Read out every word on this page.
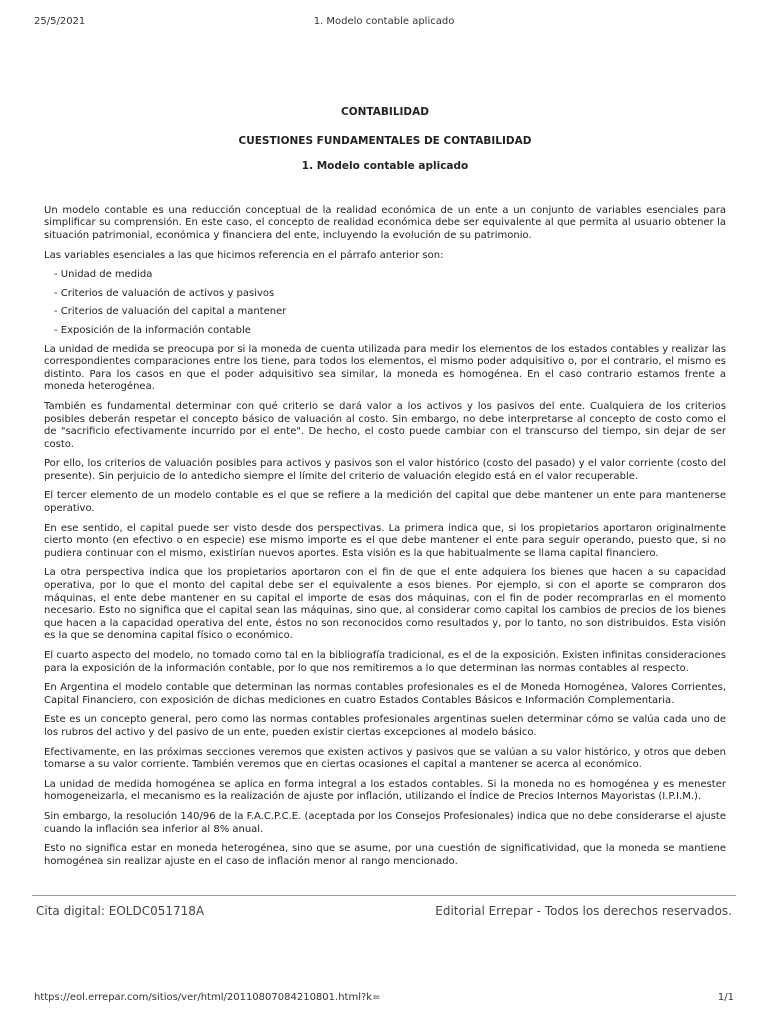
25/5/2021	1. Modelo contable aplicado
CONTABILIDAD
CUESTIONES FUNDAMENTALES DE CONTABILIDAD
1. Modelo contable aplicado

Un modelo contable es una reducción conceptual de la realidad económica de un ente a un conjunto de variables esenciales para simplificar su comprensión. En este caso, el concepto de realidad económica debe ser equivalente al que permita al usuario obtener la situación patrimonial, económica y financiera del ente, incluyendo la evolución de su patrimonio.

Las variables esenciales a las que hicimos referencia en el párrafo anterior son:

- Unidad de medida
- Criterios de valuación de activos y pasivos
- Criterios de valuación del capital a mantener
- Exposición de la información contable

La unidad de medida se preocupa por si la moneda de cuenta utilizada para medir los elementos de los estados contables y realizar las correspondientes comparaciones entre los tiene, para todos los elementos, el mismo poder adquisitivo o, por el contrario, el mismo es distinto. Para los casos en que el poder adquisitivo sea similar, la moneda es homogénea. En el caso contrario estamos frente a moneda heterogénea.

También es fundamental determinar con qué criterio se dará valor a los activos y los pasivos del ente. Cualquiera de los criterios posibles deberán respetar el concepto básico de valuación al costo. Sin embargo, no debe interpretarse al concepto de costo como el de "sacrificio efectivamente incurrido por el ente". De hecho, el costo puede cambiar con el transcurso del tiempo, sin dejar de ser costo.

Por ello, los criterios de valuación posibles para activos y pasivos son el valor histórico (costo del pasado) y el valor corriente (costo del presente). Sin perjuicio de lo antedicho siempre el límite del criterio de valuación elegido está en el valor recuperable.

El tercer elemento de un modelo contable es el que se refiere a la medición del capital que debe mantener un ente para mantenerse operativo.

En ese sentido, el capital puede ser visto desde dos perspectivas. La primera indica que, si los propietarios aportaron originalmente cierto monto (en efectivo o en especie) ese mismo importe es el que debe mantener el ente para seguir operando, puesto que, si no pudiera continuar con el mismo, existirían nuevos aportes. Esta visión es la que habitualmente se llama capital financiero.

La otra perspectiva indica que los propietarios aportaron con el fin de que el ente adquiera los bienes que hacen a su capacidad operativa, por lo que el monto del capital debe ser el equivalente a esos bienes. Por ejemplo, si con el aporte se compraron dos máquinas, el ente debe mantener en su capital el importe de esas dos máquinas, con el fin de poder recomprarlas en el momento necesario. Esto no significa que el capital sean las máquinas, sino que, al considerar como capital los cambios de precios de los bienes que hacen a la capacidad operativa del ente, éstos no son reconocidos como resultados y, por lo tanto, no son distribuidos. Esta visión es la que se denomina capital físico o económico.

El cuarto aspecto del modelo, no tomado como tal en la bibliografía tradicional, es el de la exposición. Existen infinitas consideraciones para la exposición de la información contable, por lo que nos remitiremos a lo que determinan las normas contables al respecto.

En Argentina el modelo contable que determinan las normas contables profesionales es el de Moneda Homogénea, Valores Corrientes, Capital Financiero, con exposición de dichas mediciones en cuatro Estados Contables Básicos e Información Complementaria.

Este es un concepto general, pero como las normas contables profesionales argentinas suelen determinar cómo se valúa cada uno de los rubros del activo y del pasivo de un ente, pueden existir ciertas excepciones al modelo básico.

Efectivamente, en las próximas secciones veremos que existen activos y pasivos que se valúan a su valor histórico, y otros que deben tomarse a su valor corriente. También veremos que en ciertas ocasiones el capital a mantener se acerca al económico.

La unidad de medida homogénea se aplica en forma integral a los estados contables. Si la moneda no es homogénea y es menester homogeneizarla, el mecanismo es la realización de ajuste por inflación, utilizando el Índice de Precios Internos Mayoristas (I.P.I.M.).

Sin embargo, la resolución 140/96 de la F.A.C.P.C.E. (aceptada por los Consejos Profesionales) indica que no debe considerarse el ajuste cuando la inflación sea inferior al 8% anual.

Esto no significa estar en moneda heterogénea, sino que se asume, por una cuestión de significatividad, que la moneda se mantiene homogénea sin realizar ajuste en el caso de inflación menor al rango mencionado.

Cita digital: EOLDC051718A	Editorial Errepar - Todos los derechos reservados.
https://eol.errepar.com/sitios/ver/html/20110807084210801.html?k=	1/1
